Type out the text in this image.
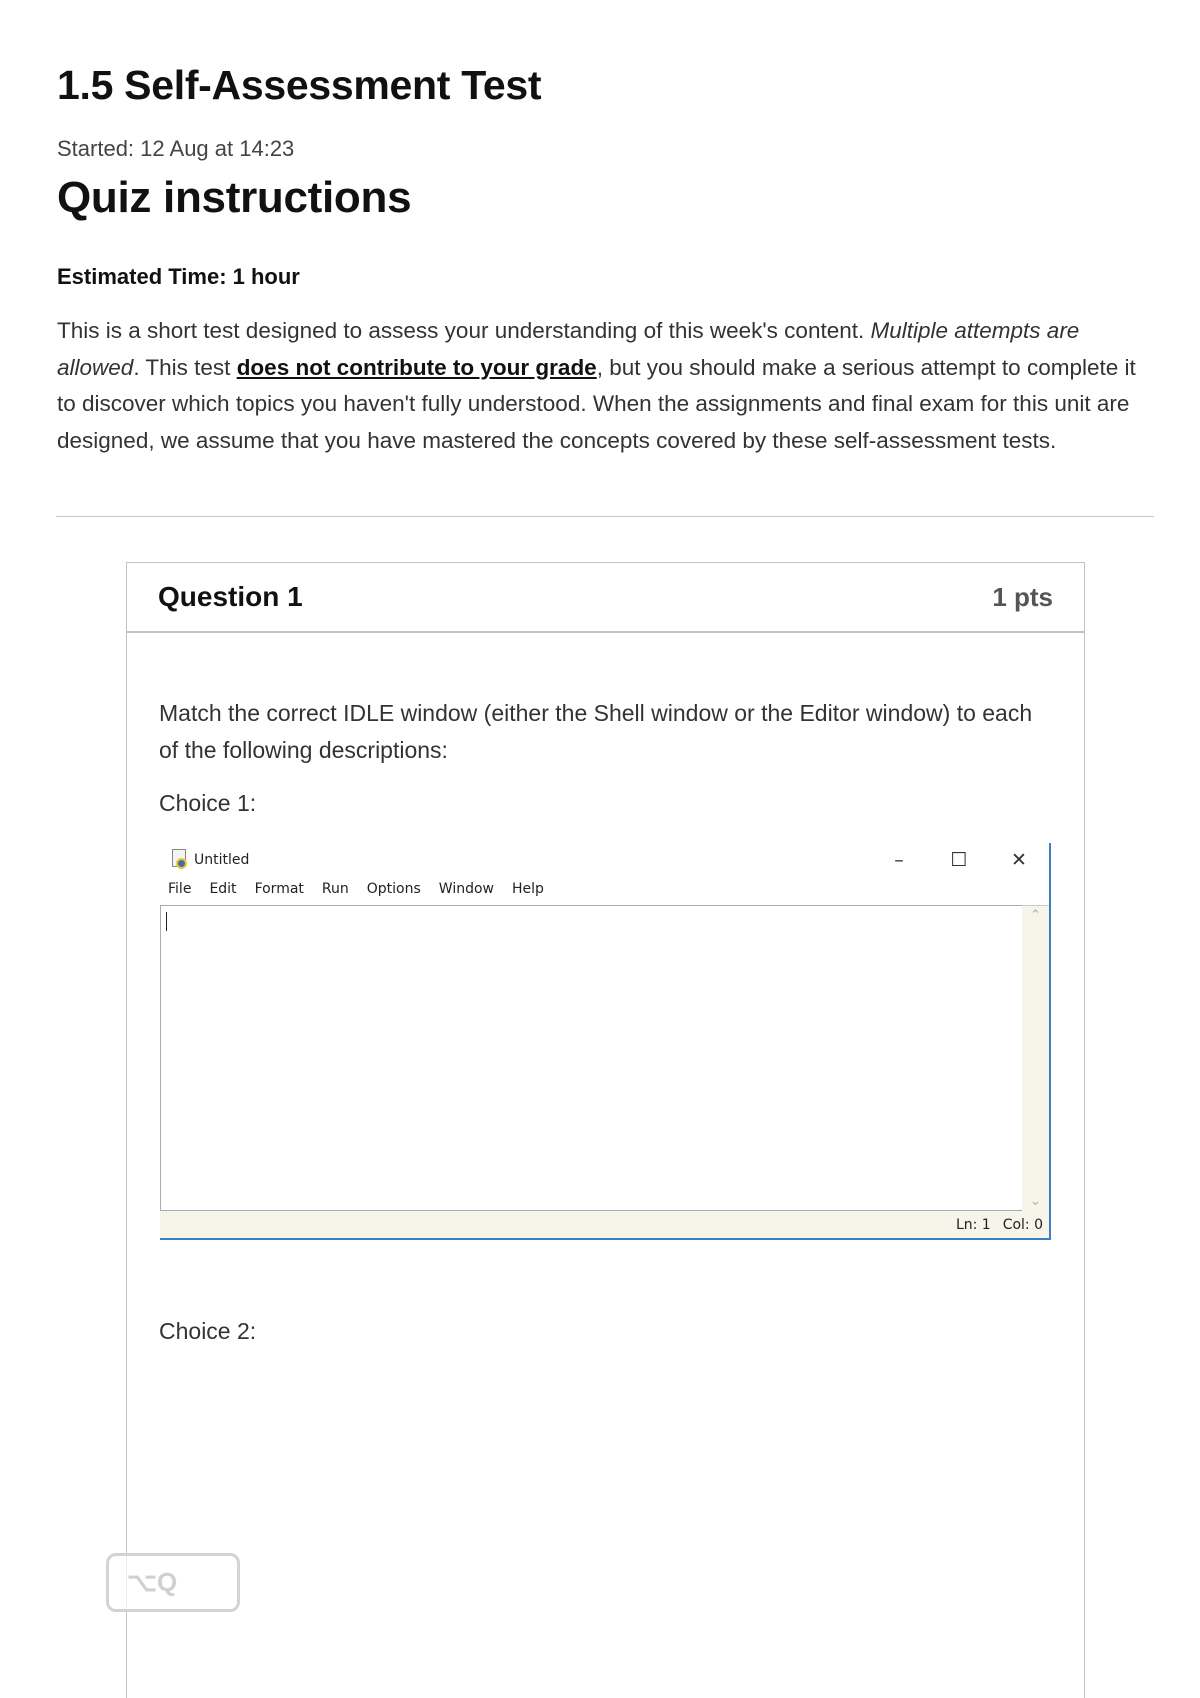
1.5 Self-Assessment Test
Started: 12 Aug at 14:23
Quiz instructions
Estimated Time: 1 hour

This is a short test designed to assess your understanding of this week's content. Multiple attempts are allowed. This test does not contribute to your grade, but you should make a serious attempt to complete it to discover which topics you haven't fully understood. When the assignments and final exam for this unit are designed, we assume that you have mastered the concepts covered by these self-assessment tests.

Question 1	1 pts

Match the correct IDLE window (either the Shell window or the Editor window) to each of the following descriptions:

Choice 1:
Untitled	–	☐	✕
File Edit Format Run Options Window Help
⌃
⌄
Ln: 1 Col: 0
Choice 2:
⌥Q
